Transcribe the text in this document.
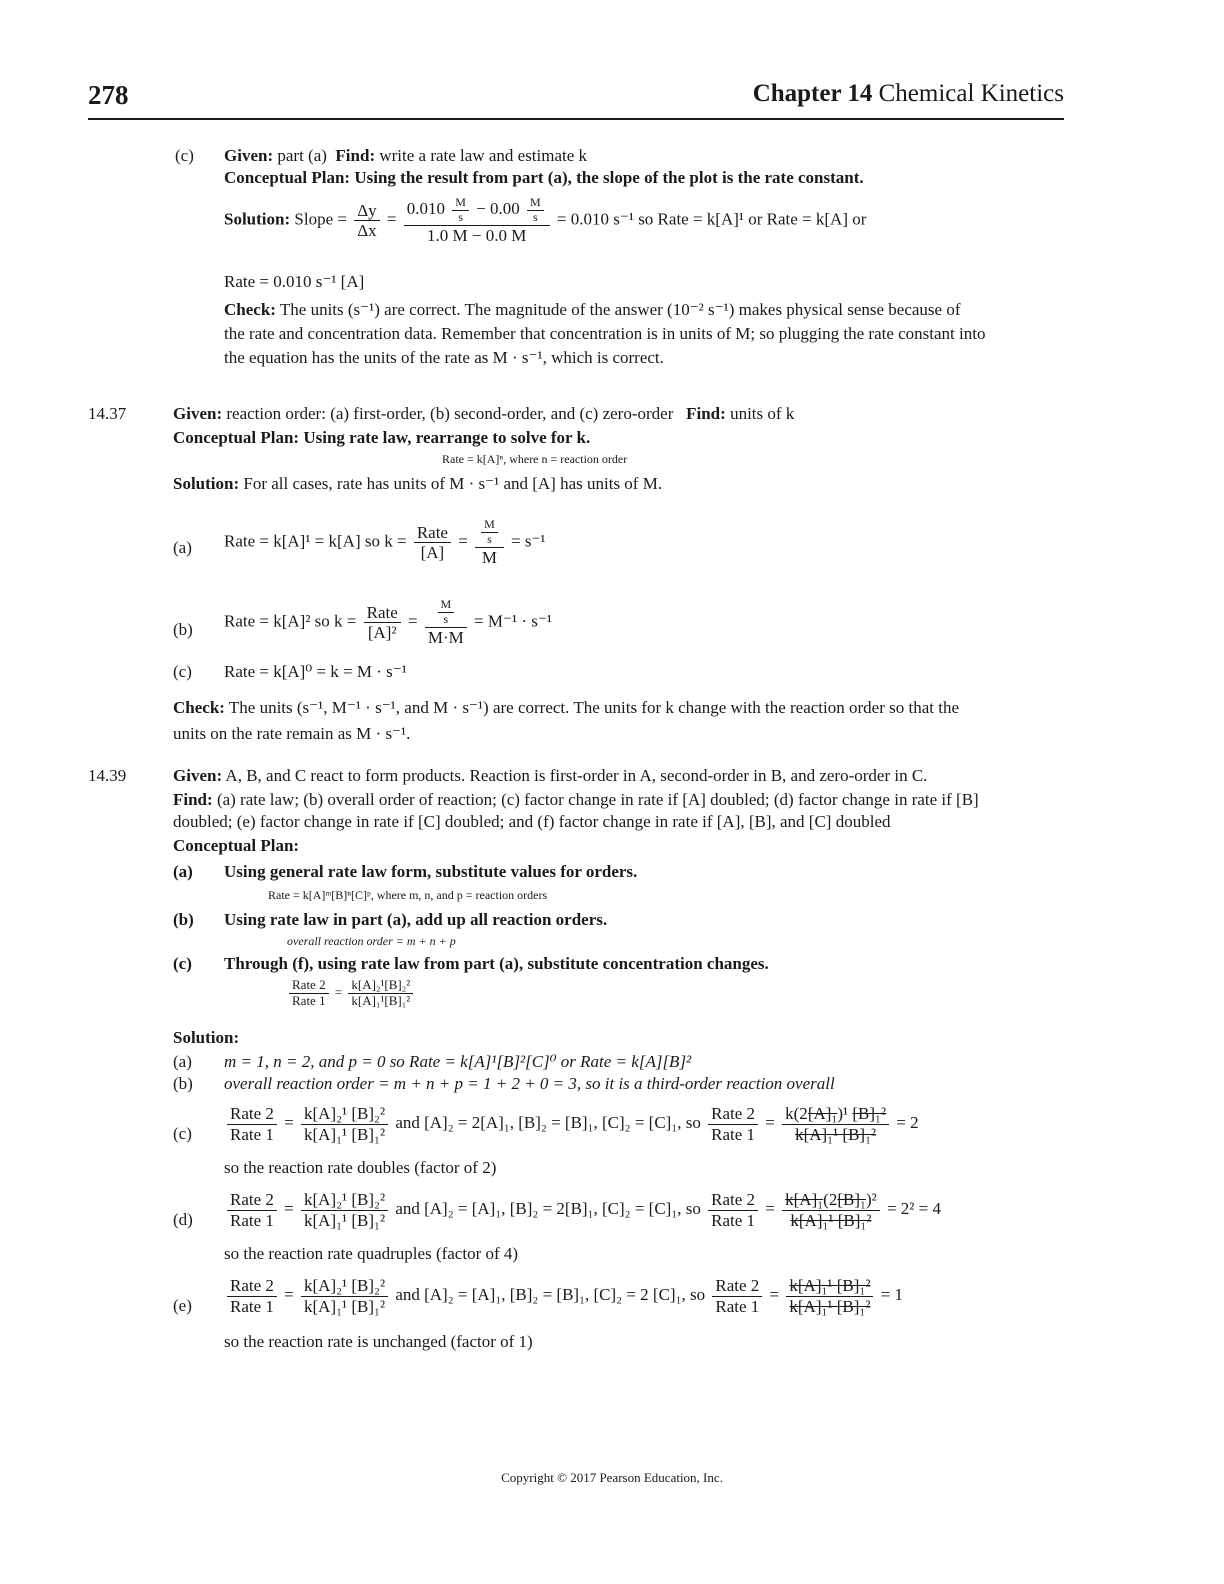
278	Chapter 14 Chemical Kinetics
(c) Given: part (a) Find: write a rate law and estimate k
Conceptual Plan: Using the result from part (a), the slope of the plot is the rate constant.
Solution: Slope = $\frac{\Delta y}{\Delta x} = \frac{0.010 \frac{M}{s} - 0.00 \frac{M}{s}}{1.0 M - 0.0 M} = 0.010$ s⁻¹ so Rate = k[A]¹ or Rate = k[A] or
Rate = 0.010 s⁻¹ [A]
Check: The units (s⁻¹) are correct. The magnitude of the answer (10⁻² s⁻¹) makes physical sense because of
the rate and concentration data. Remember that concentration is in units of M; so plugging the rate constant into
the equation has the units of the rate as M · s⁻¹, which is correct.
14.37	Given: reaction order: (a) first-order, (b) second-order, and (c) zero-order Find: units of k
Conceptual Plan: Using rate law, rearrange to solve for k.
Rate = k[A]ⁿ, where n = reaction order
Solution: For all cases, rate has units of M · s⁻¹ and [A] has units of M.
(a) Rate = k[A]¹ = k[A] so $k = \frac{\text{Rate}}{[A]} = \frac{\frac{M}{s}}{M} = s^{-1}$
(b) Rate = k[A]² so $k = \frac{\text{Rate}}{\text{[A]²}} = \frac{\frac{M}{s}}{M\cdot M} = M^{-1} \cdot s^{-1}$
(c) Rate = k[A]⁰ = k = M · s⁻¹
Check: The units (s⁻¹, M⁻¹ · s⁻¹, and M · s⁻¹) are correct. The units for k change with the reaction order so that the
units on the rate remain as M · s⁻¹.
14.39	Given: A, B, and C react to form products. Reaction is first-order in A, second-order in B, and zero-order in C.
Find: (a) rate law; (b) overall order of reaction; (c) factor change in rate if [A] doubled; (d) factor change in rate if [B]
doubled; (e) factor change in rate if [C] doubled; and (f) factor change in rate if [A], [B], and [C] doubled
Conceptual Plan:
(a) Using general rate law form, substitute values for orders.
Rate = k[A]ᵐ[B]ⁿ[C]ᵖ, where m, n, and p = reaction orders
(b) Using rate law in part (a), add up all reaction orders.
overall reaction order = m + n + p
(c) Through (f), using rate law from part (a), substitute concentration changes.
$\frac{\text{Rate 2}}{\text{Rate 1}} = \frac{\text{k[A]₂¹[B]₂²}}{\text{k[A]₁¹[B]₁²}}$
Solution:
(a) m = 1, n = 2, and p = 0 so Rate = k[A]¹[B]²[C]⁰ or Rate = k[A][B]²
(b) overall reaction order = m + n + p = 1 + 2 + 0 = 3, so it is a third-order reaction overall
$(c) \frac{\text{Rate 2}}{\text{Rate 1}} = \frac{\text{k[A]₂¹ [B]₂²}}{\text{k[A]₁¹ [B]₁²}}$ and [A]₂ = 2[A]₁, [B]₂ = [B]₁, [C]₂ = [C]₁, so $\frac{\text{Rate 2}}{\text{Rate 1}} = \frac{\text{k(2[A]₁)¹ [B]₁²}}{\text{k[A]₁¹ [B]₁²}} = 2$
so the reaction rate doubles (factor of 2)
$(d) \frac{\text{Rate 2}}{\text{Rate 1}} = \frac{\text{k[A]₂¹ [B]₂²}}{\text{k[A]₁¹ [B]₁²}}$ and [A]₂ = [A]₁, [B]₂ = 2[B]₁, [C]₂ = [C]₁, so $\frac{\text{Rate 2}}{\text{Rate 1}} = \frac{\text{k[A]₁(2[B]₁)²}}{\text{k[A]₁¹ [B]₁²}} = 2^2 = 4$
so the reaction rate quadruples (factor of 4)
$(e) \frac{\text{Rate 2}}{\text{Rate 1}} = \frac{\text{k[A]₂¹ [B]₂²}}{\text{k[A]₁¹ [B]₁²}}$ and [A]₂ = [A]₁, [B]₂ = [B]₁, [C]₂ = 2 [C]₁, so $\frac{\text{Rate 2}}{\text{Rate 1}} = \frac{\text{k[A]₁¹ [B]₁²}}{\text{k[A]₁¹ [B]₁²}} = 1$
so the reaction rate is unchanged (factor of 1)
Copyright © 2017 Pearson Education, Inc.
